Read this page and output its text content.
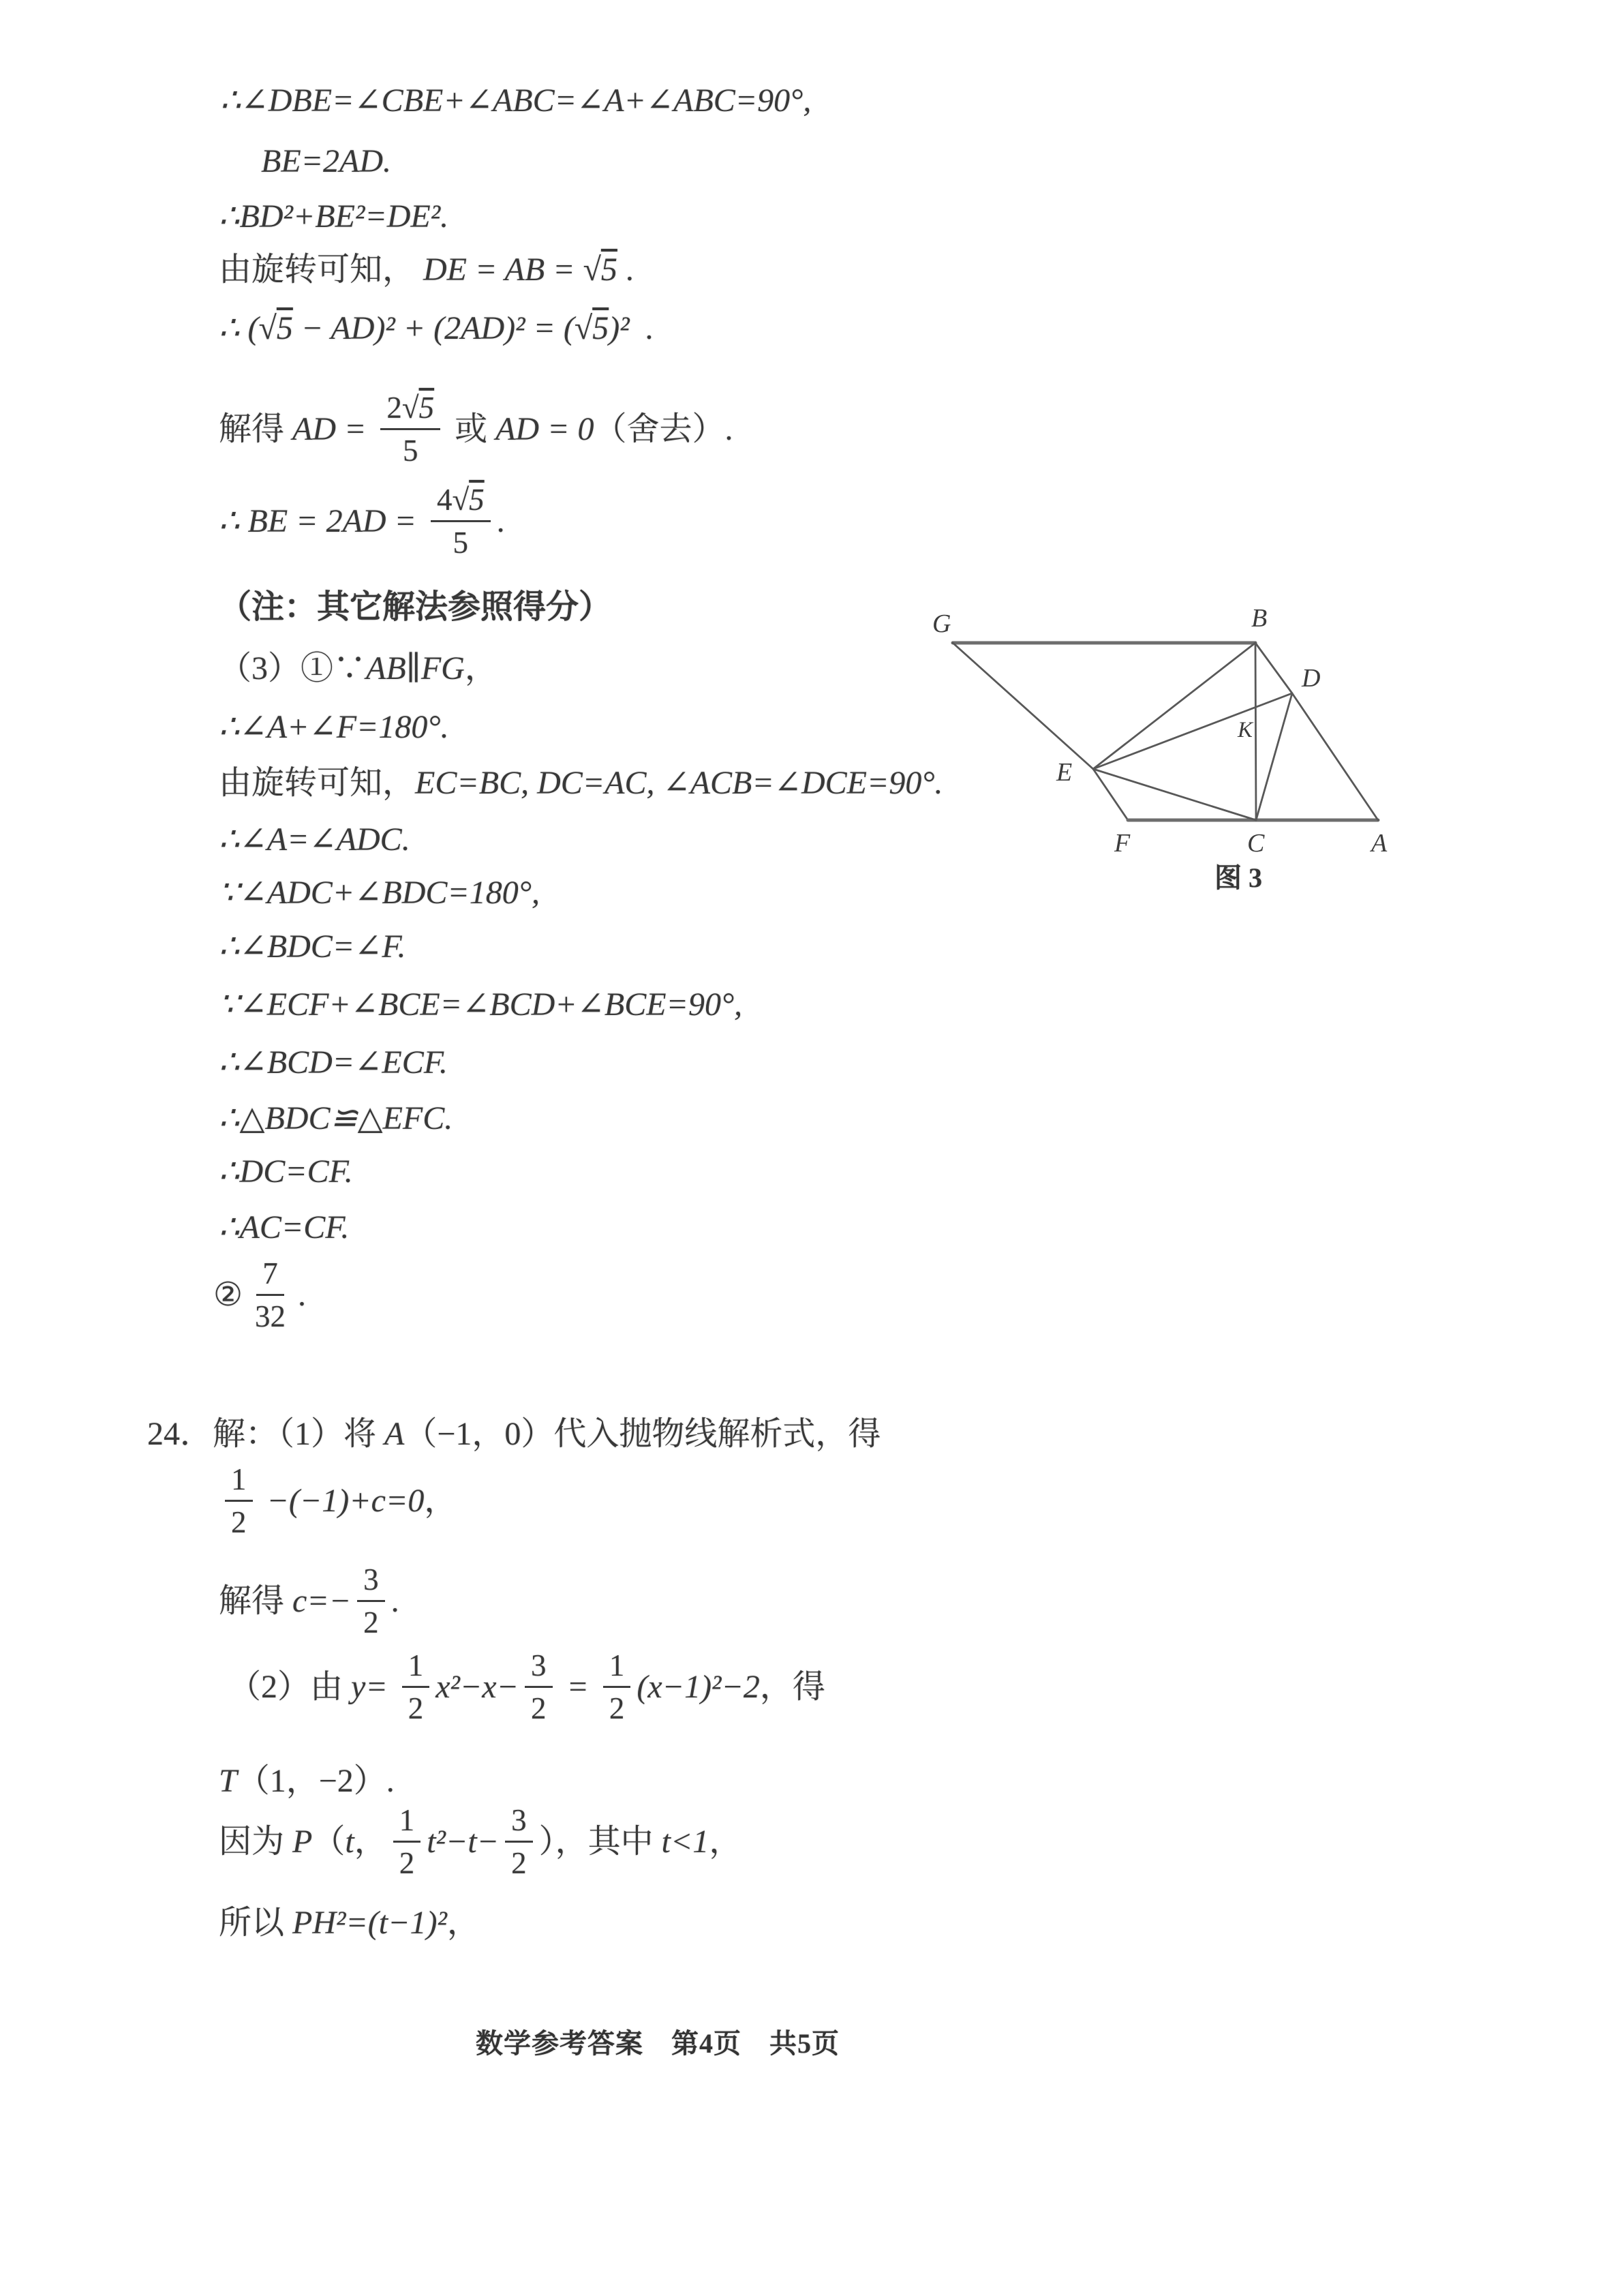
∴∠DBE=∠CBE+∠ABC=∠A+∠ABC=90°,
BE=2AD.
∴BD²+BE²=DE².
由旋转可知， DE = AB = √5 .
∴ ( √5 − AD)² + (2AD)² = ( √5 )²  .
解得 AD = $\frac{2√5}{5}$ 或 AD = 0 （舍去）.
∴ BE = $2AD = \frac{4√5}{5}$ .
（注：其它解法参照得分）
（3）①∵ AB ∥ FG ，
∴∠A+∠F=180°.
由旋转可知， EC=BC, DC=AC, ∠ACB=∠DCE=90°.
∴∠A=∠ADC.
∵∠ADC+∠BDC=180°,
∴∠BDC=∠F.
∵∠ECF+∠BCE=∠BCD+∠BCE=90°,
∴∠BCD=∠ECF.
∴△BDC≌△EFC.
∴DC=CF.
∴AC=CF.
② $\frac{7}{32}$ .
24．解：（1）将 A （−1，0）代入抛物线解析式，得
$\frac{1}{2} -(-1)+c=0$ ，
解得 $c=- \frac{3}{2}$ .
（2）由 $y= \frac{1}{2} x^2-x- \frac{3}{2} = \frac{1}{2} (x-1)^2-2$ ，得
T （1，−2）.
因为 P （ t ， $\frac{1}{2} t^2-t- \frac{3}{2}$ ），其中 t<1 ，
所以 PH²=(t−1)² ，
G	B
D
K
E
F	C	A
图 3
数学参考答案　第4页　共5页
